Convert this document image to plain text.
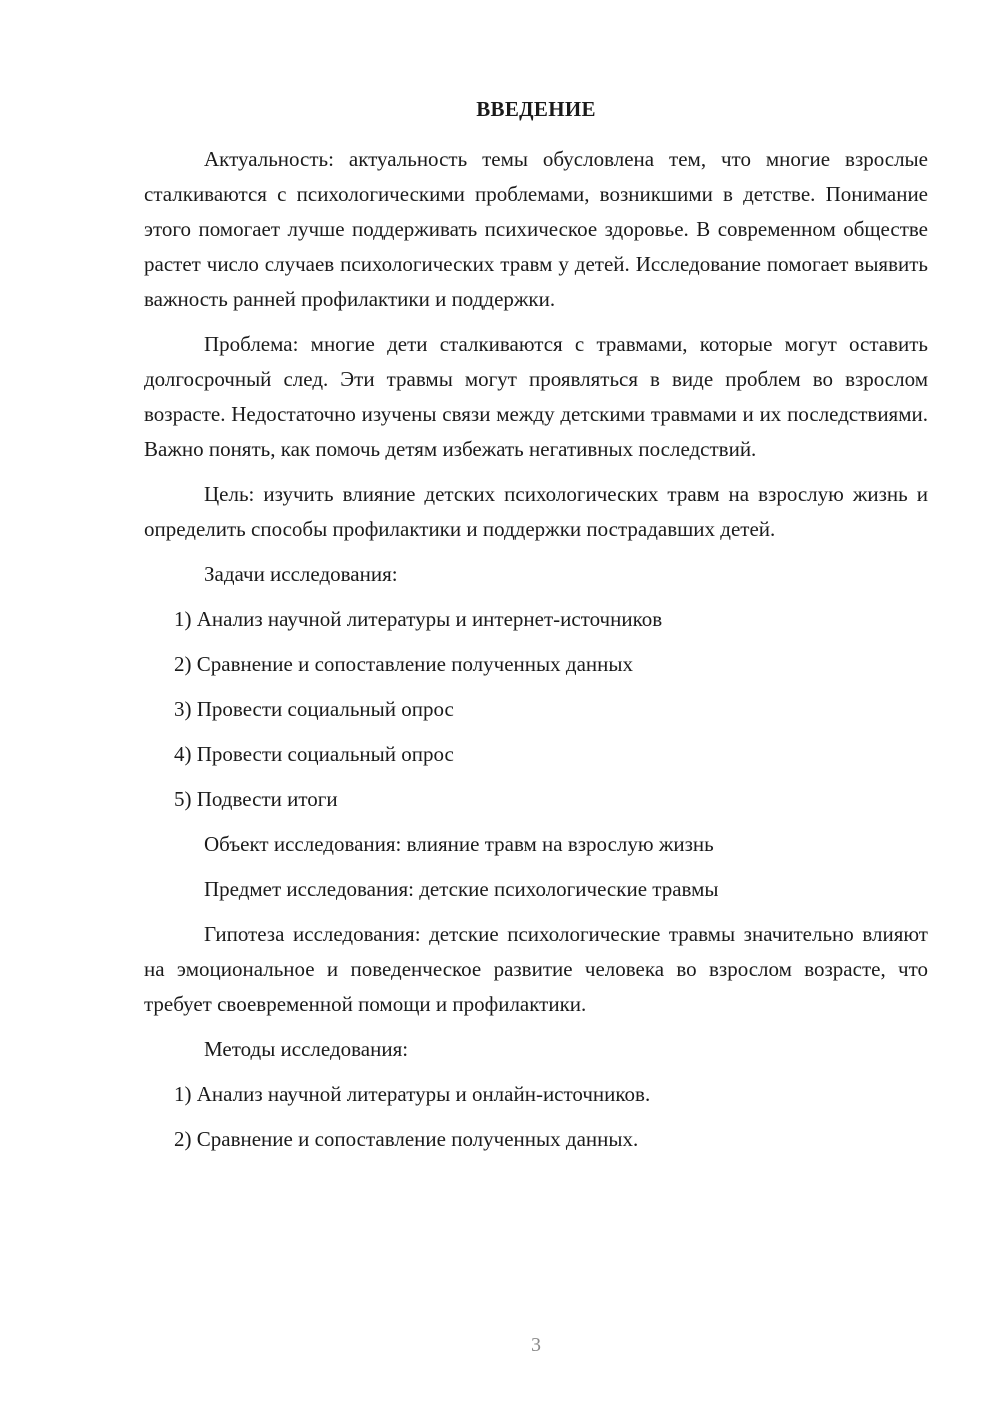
ВВЕДЕНИЕ

Актуальность: актуальность темы обусловлена тем, что многие взрослые сталкиваются с психологическими проблемами, возникшими в детстве. Понимание этого помогает лучше поддерживать психическое здоровье. В современном обществе растет число случаев психологических травм у детей. Исследование помогает выявить важность ранней профилактики и поддержки.

Проблема: многие дети сталкиваются с травмами, которые могут оставить долгосрочный след. Эти травмы могут проявляться в виде проблем во взрослом возрасте. Недостаточно изучены связи между детскими травмами и их последствиями. Важно понять, как помочь детям избежать негативных последствий.

Цель: изучить влияние детских психологических травм на взрослую жизнь и определить способы профилактики и поддержки пострадавших детей.

Задачи исследования:

1) Анализ научной литературы и интернет-источников

2) Сравнение и сопоставление полученных данных

3) Провести социальный опрос

4) Провести социальный опрос

5) Подвести итоги

Объект исследования: влияние травм на взрослую жизнь

Предмет исследования: детские психологические травмы

Гипотеза исследования: детские психологические травмы значительно влияют на эмоциональное и поведенческое развитие человека во взрослом возрасте, что требует своевременной помощи и профилактики.

Методы исследования:

1) Анализ научной литературы и онлайн-источников.

2) Сравнение и сопоставление полученных данных.

3
